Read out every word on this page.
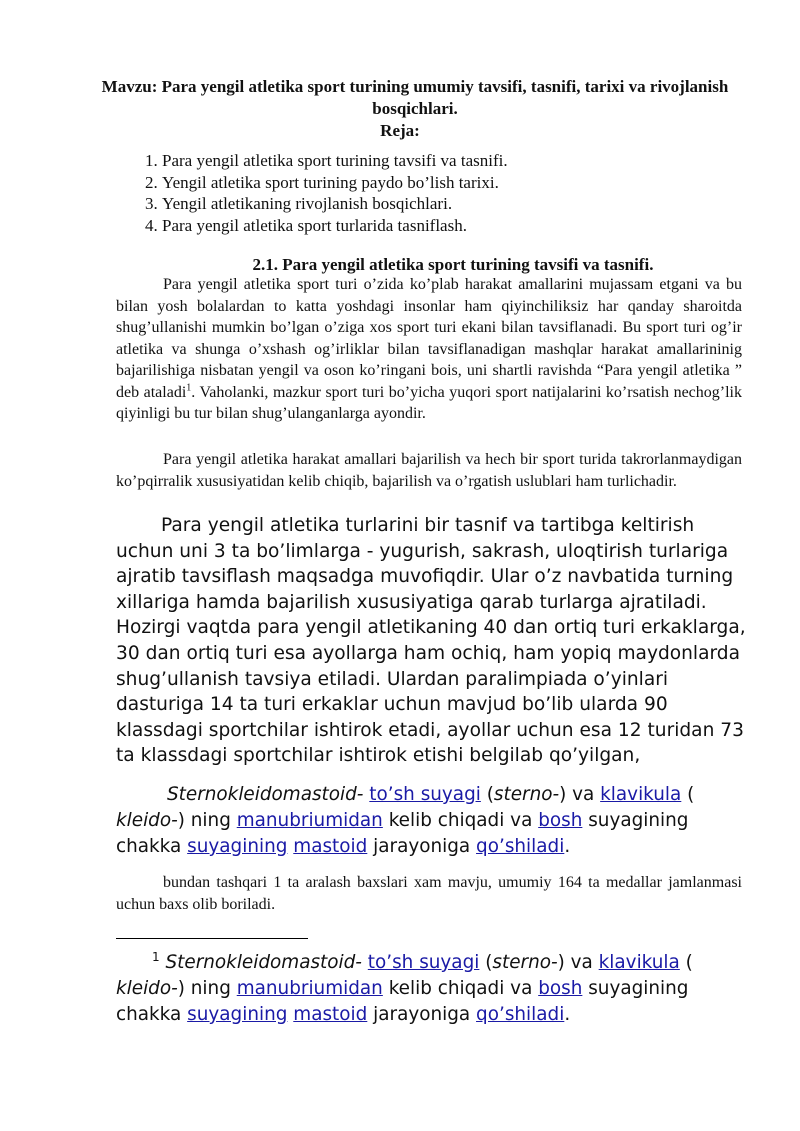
Mavzu: Para yengil atletika sport turining umumiy tavsifi, tasnifi, tarixi va rivojlanish bosqichlari.
Reja:
1. Para yengil atletika sport turining tavsifi va tasnifi.
2. Yengil atletika sport turining paydo bo’lish tarixi.
3. Yengil atletikaning rivojlanish bosqichlari.
4. Para yengil atletika sport turlarida tasniflash.
2.1. Para yengil atletika sport turining tavsifi va tasnifi.

Para yengil atletika sport turi o’zida ko’plab harakat amallarini mujassam etgani va bu bilan yosh bolalardan to katta yoshdagi insonlar ham qiyinchiliksiz har qanday sharoitda shug’ullanishi mumkin bo’lgan o’ziga xos sport turi ekani bilan tavsiflanadi. Bu sport turi og’ir atletika va shunga o’xshash og’irliklar bilan tavsiflanadigan mashqlar harakat amallarininig bajarilishiga nisbatan yengil va oson ko’ringani bois, uni shartli ravishda “Para yengil atletika ” deb ataladi$^1$. Vaholanki, mazkur sport turi bo’yicha yuqori sport natijalarini ko’rsatish nechog’lik qiyinligi bu tur bilan shug’ulanganlarga ayondir.

Para yengil atletika harakat amallari bajarilish va hech bir sport turida takrorlanmaydigan ko’pqirralik xususiyatidan kelib chiqib, bajarilish va o’rgatish uslublari ham turlichadir.

Para yengil atletika turlarini bir tasnif va tartibga keltirish uchun uni 3 ta bo’limlarga - yugurish, sakrash, uloqtirish turlariga ajratib tavsiflash maqsadga muvofiqdir. Ular o’z navbatida turning xillariga hamda bajarilish xususiyatiga qarab turlarga ajratiladi. Hozirgi vaqtda para yengil atletikaning 40 dan ortiq turi erkaklarga, 30 dan ortiq turi esa ayollarga ham ochiq, ham yopiq maydonlarda shug’ullanish tavsiya etiladi. Ulardan paralimpiada o’yinlari dasturiga 14 ta turi erkaklar uchun mavjud bo’lib ularda 90 klassdagi sportchilar ishtirok etadi, ayollar uchun esa 12 turidan 73 ta klassdagi sportchilar ishtirok etishi belgilab qo’yilgan,

Sternokleidomastoid- to’sh suyagi (sterno-) va klavikula ( kleido-) ning manubriumidan kelib chiqadi va bosh suyagining chakka suyagining mastoid jarayoniga qo’shiladi.

bundan tashqari 1 ta aralash baxslari xam mavju, umumiy 164 ta medallar jamlanmasi uchun baxs olib boriladi.

$^1$ Sternokleidomastoid- to’sh suyagi (sterno-) va klavikula ( kleido-) ning manubriumidan kelib chiqadi va bosh suyagining chakka suyagining mastoid jarayoniga qo’shiladi.
